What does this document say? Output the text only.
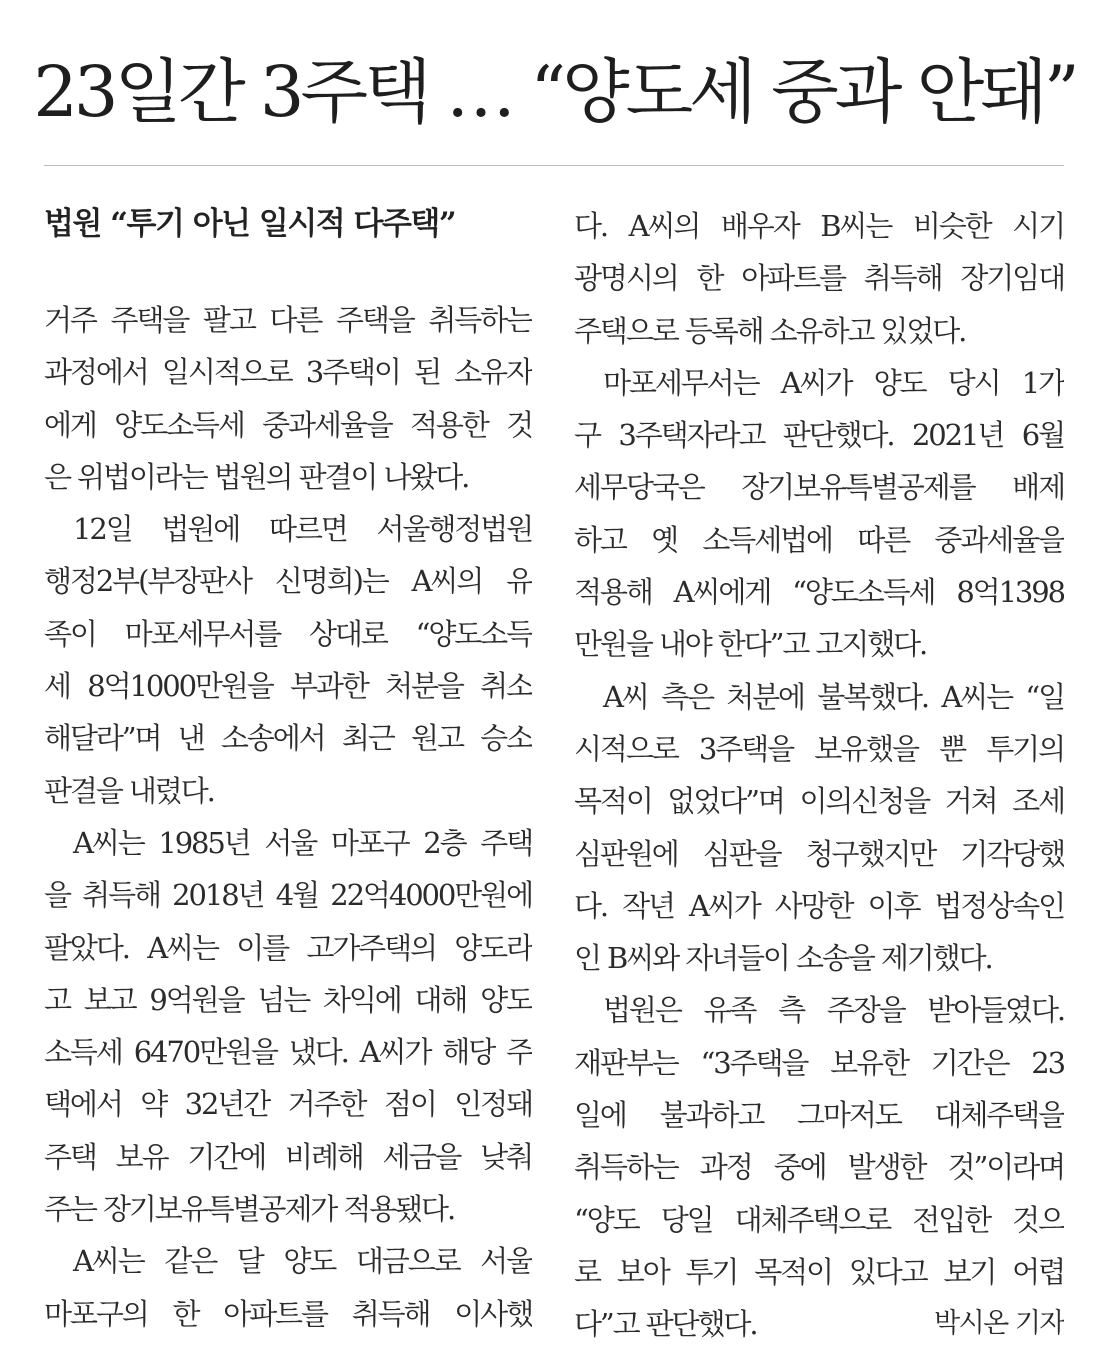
23일간 3주택 … “양도세 중과 안돼”
법원 “투기 아닌 일시적 다주택”
거주 주택을 팔고 다른 주택을 취득하는
과정에서 일시적으로 3주택이 된 소유자
에게 양도소득세 중과세율을 적용한 것
은 위법이라는 법원의 판결이 나왔다.
12일 법원에 따르면 서울행정법원
행정2부(부장판사 신명희)는 A씨의 유
족이 마포세무서를 상대로 “양도소득
세 8억1000만원을 부과한 처분을 취소
해달라”며 낸 소송에서 최근 원고 승소
판결을 내렸다.
A씨는 1985년 서울 마포구 2층 주택
을 취득해 2018년 4월 22억4000만원에
팔았다. A씨는 이를 고가주택의 양도라
고 보고 9억원을 넘는 차익에 대해 양도
소득세 6470만원을 냈다. A씨가 해당 주
택에서 약 32년간 거주한 점이 인정돼
주택 보유 기간에 비례해 세금을 낮춰
주는 장기보유특별공제가 적용됐다.
A씨는 같은 달 양도 대금으로 서울
마포구의 한 아파트를 취득해 이사했
다. A씨의 배우자 B씨는 비슷한 시기
광명시의 한 아파트를 취득해 장기임대
주택으로 등록해 소유하고 있었다.
마포세무서는 A씨가 양도 당시 1가
구 3주택자라고 판단했다. 2021년 6월
세무당국은 장기보유특별공제를 배제
하고 옛 소득세법에 따른 중과세율을
적용해 A씨에게 “양도소득세 8억1398
만원을 내야 한다”고 고지했다.
A씨 측은 처분에 불복했다. A씨는 “일
시적으로 3주택을 보유했을 뿐 투기의
목적이 없었다”며 이의신청을 거쳐 조세
심판원에 심판을 청구했지만 기각당했
다. 작년 A씨가 사망한 이후 법정상속인
인 B씨와 자녀들이 소송을 제기했다.
법원은 유족 측 주장을 받아들였다.
재판부는 “3주택을 보유한 기간은 23
일에 불과하고 그마저도 대체주택을
취득하는 과정 중에 발생한 것”이라며
“양도 당일 대체주택으로 전입한 것으
로 보아 투기 목적이 있다고 보기 어렵
다”고 판단했다.	박시온 기자
